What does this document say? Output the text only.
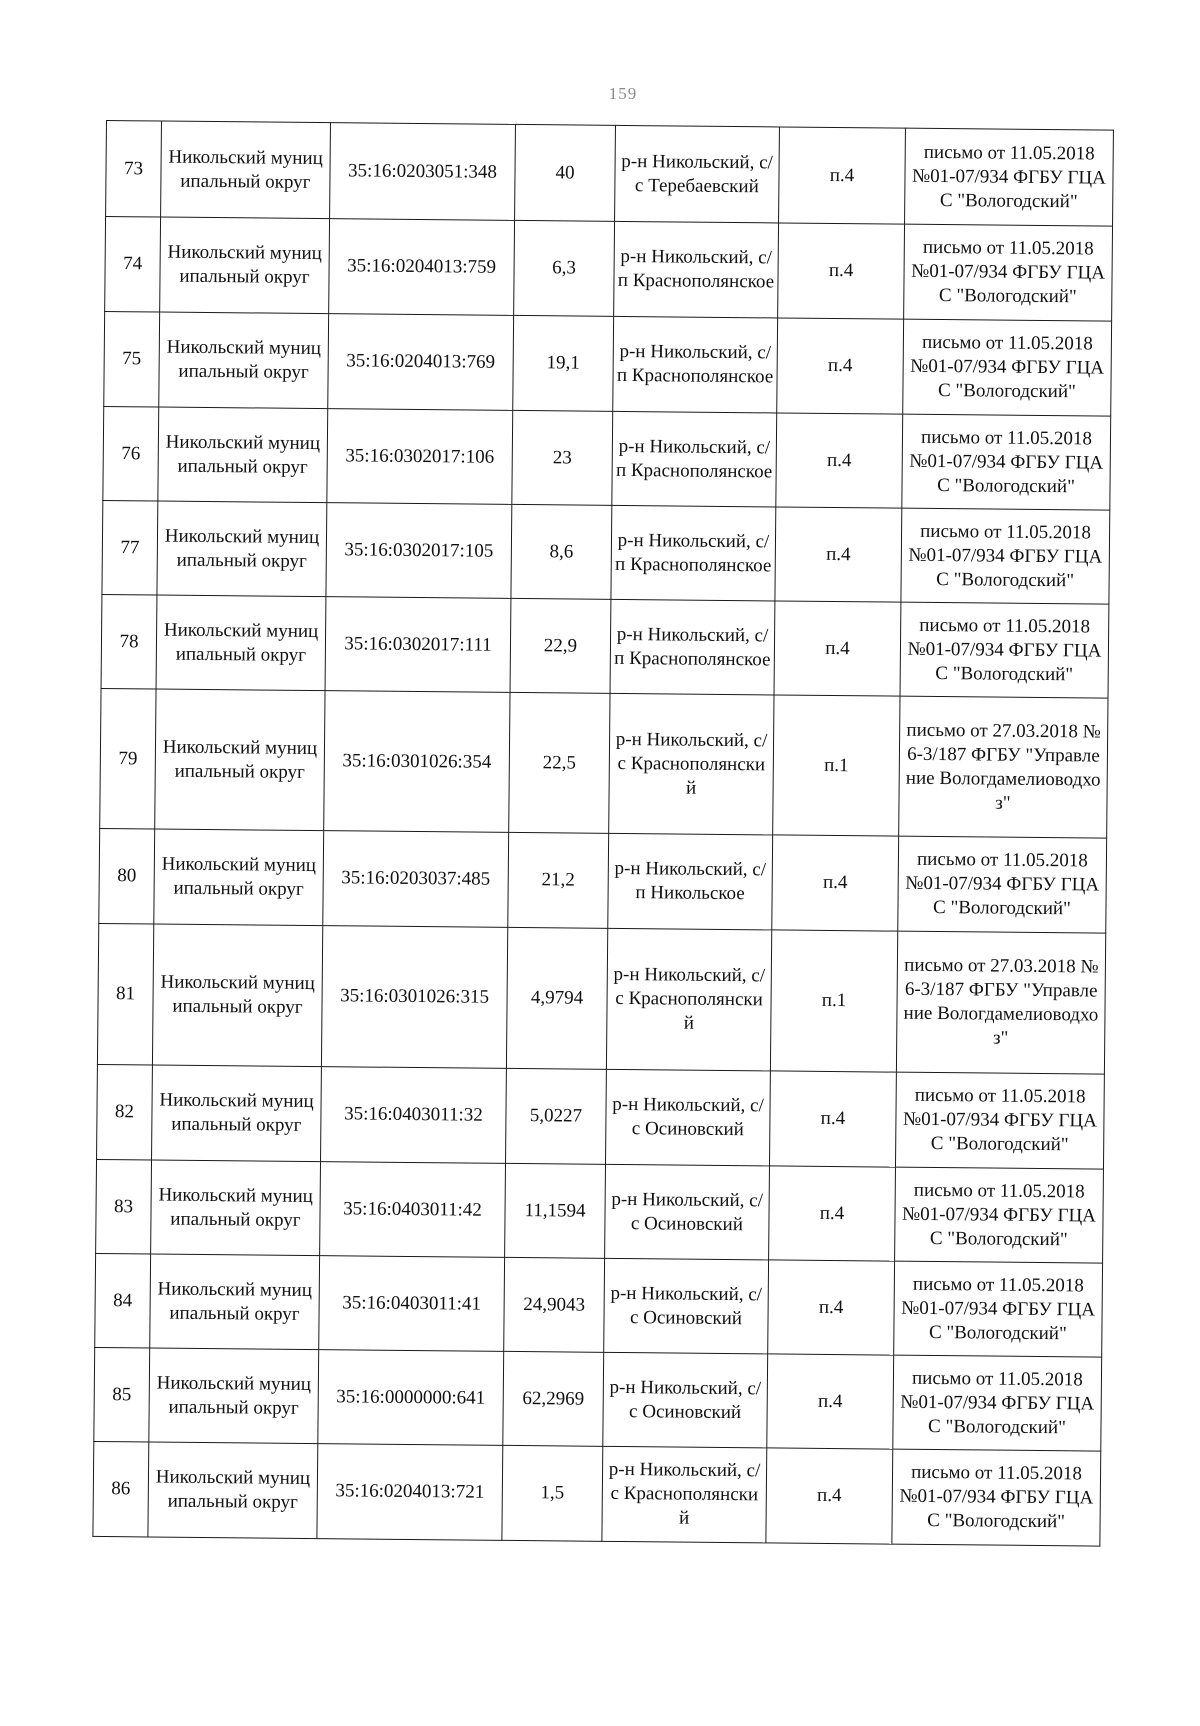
159
73	Никольский муниципальный округ	35:16:0203051:348	40	р-н Никольский, с/с Теребаевский	п.4	письмо от 11.05.2018 №01-07/934 ФГБУ ГЦАС "Вологодский"
74	Никольский муниципальный округ	35:16:0204013:759	6,3	р-н Никольский, с/п Краснополянское	п.4	письмо от 11.05.2018 №01-07/934 ФГБУ ГЦАС "Вологодский"
75	Никольский муниципальный округ	35:16:0204013:769	19,1	р-н Никольский, с/п Краснополянское	п.4	письмо от 11.05.2018 №01-07/934 ФГБУ ГЦАС "Вологодский"
76	Никольский муниципальный округ	35:16:0302017:106	23	р-н Никольский, с/п Краснополянское	п.4	письмо от 11.05.2018 №01-07/934 ФГБУ ГЦАС "Вологодский"
77	Никольский муниципальный округ	35:16:0302017:105	8,6	р-н Никольский, с/п Краснополянское	п.4	письмо от 11.05.2018 №01-07/934 ФГБУ ГЦАС "Вологодский"
78	Никольский муниципальный округ	35:16:0302017:111	22,9	р-н Никольский, с/п Краснополянское	п.4	письмо от 11.05.2018 №01-07/934 ФГБУ ГЦАС "Вологодский"
79	Никольский муниципальный округ	35:16:0301026:354	22,5	р-н Никольский, с/с Краснополянский	п.1	письмо от 27.03.2018 № 6-3/187 ФГБУ "Управление Вологдамелиоводхоз"
80	Никольский муниципальный округ	35:16:0203037:485	21,2	р-н Никольский, с/п Никольское	п.4	письмо от 11.05.2018 №01-07/934 ФГБУ ГЦАС "Вологодский"
81	Никольский муниципальный округ	35:16:0301026:315	4,9794	р-н Никольский, с/с Краснополянский	п.1	письмо от 27.03.2018 № 6-3/187 ФГБУ "Управление Вологдамелиоводхоз"
82	Никольский муниципальный округ	35:16:0403011:32	5,0227	р-н Никольский, с/с Осиновский	п.4	письмо от 11.05.2018 №01-07/934 ФГБУ ГЦАС "Вологодский"
83	Никольский муниципальный округ	35:16:0403011:42	11,1594	р-н Никольский, с/с Осиновский	п.4	письмо от 11.05.2018 №01-07/934 ФГБУ ГЦАС "Вологодский"
84	Никольский муниципальный округ	35:16:0403011:41	24,9043	р-н Никольский, с/с Осиновский	п.4	письмо от 11.05.2018 №01-07/934 ФГБУ ГЦАС "Вологодский"
85	Никольский муниципальный округ	35:16:0000000:641	62,2969	р-н Никольский, с/с Осиновский	п.4	письмо от 11.05.2018 №01-07/934 ФГБУ ГЦАС "Вологодский"
86	Никольский муниципальный округ	35:16:0204013:721	1,5	р-н Никольский, с/с Краснополянский	п.4	письмо от 11.05.2018 №01-07/934 ФГБУ ГЦАС "Вологодский"
